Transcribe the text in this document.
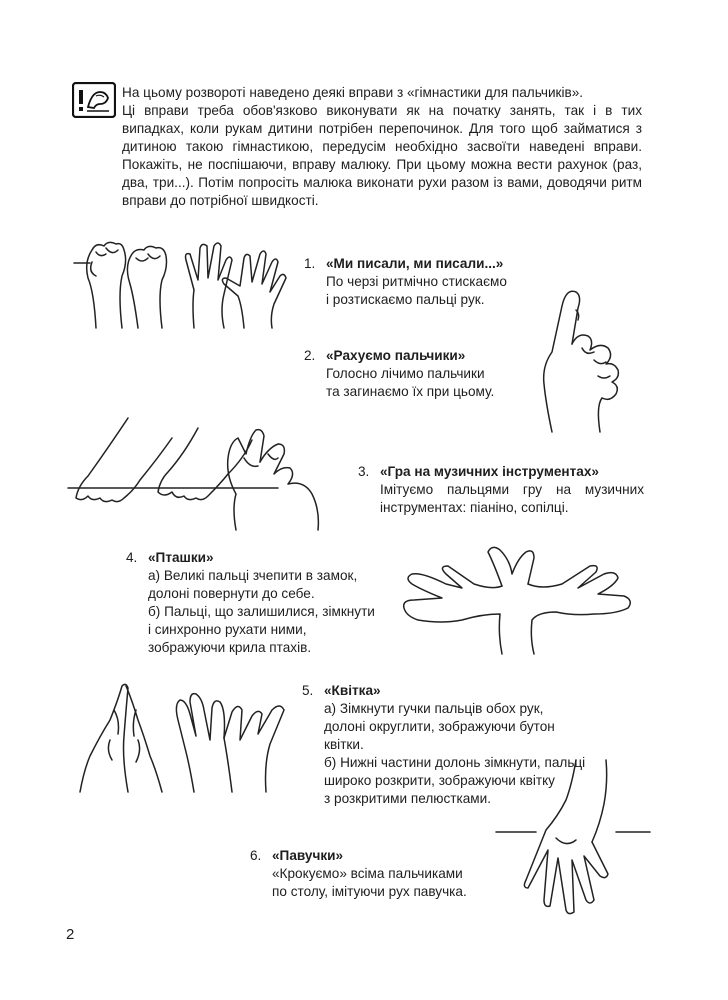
На цьому розвороті наведено деякі вправи з «гімнастики для пальчиків».

Ці вправи треба обов'язково виконувати як на початку занять, так і в тих випадках, коли рукам дитини потрібен перепочинок. Для того щоб займатися з дитиною такою гімнастикою, передусім необхідно засвоїти наведені вправи. Покажіть, не поспішаючи, вправу малюку. При цьому можна вести рахунок (раз, два, три...). Потім попросіть малюка виконати рухи разом із вами, доводячи ритм вправи до потрібної швидкості.

1. «Ми писали, ми писали...»

По черзі ритмічно стискаємо

і розтискаємо пальці рук.

2. «Рахуємо пальчики»

Голосно лічимо пальчики

та загинаємо їх при цьому.

3. «Гра на музичних інструментах»

Імітуємо пальцями гру на музичних інструментах: піаніно, сопілці.

4. «Пташки»

а) Великі пальці зчепити в замок,

долоні повернути до себе.

б) Пальці, що залишилися, зімкнути

і синхронно рухати ними,

зображуючи крила птахів.

5. «Квітка»

а) Зімкнути гучки пальців обох рук,

долоні округлити, зображуючи бутон

квітки.

б) Нижні частини долонь зімкнути, пальці

широко розкрити, зображуючи квітку

з розкритими пелюстками.

6. «Павучки»

«Крокуємо» всіма пальчиками

по столу, імітуючи рух павучка.

2
